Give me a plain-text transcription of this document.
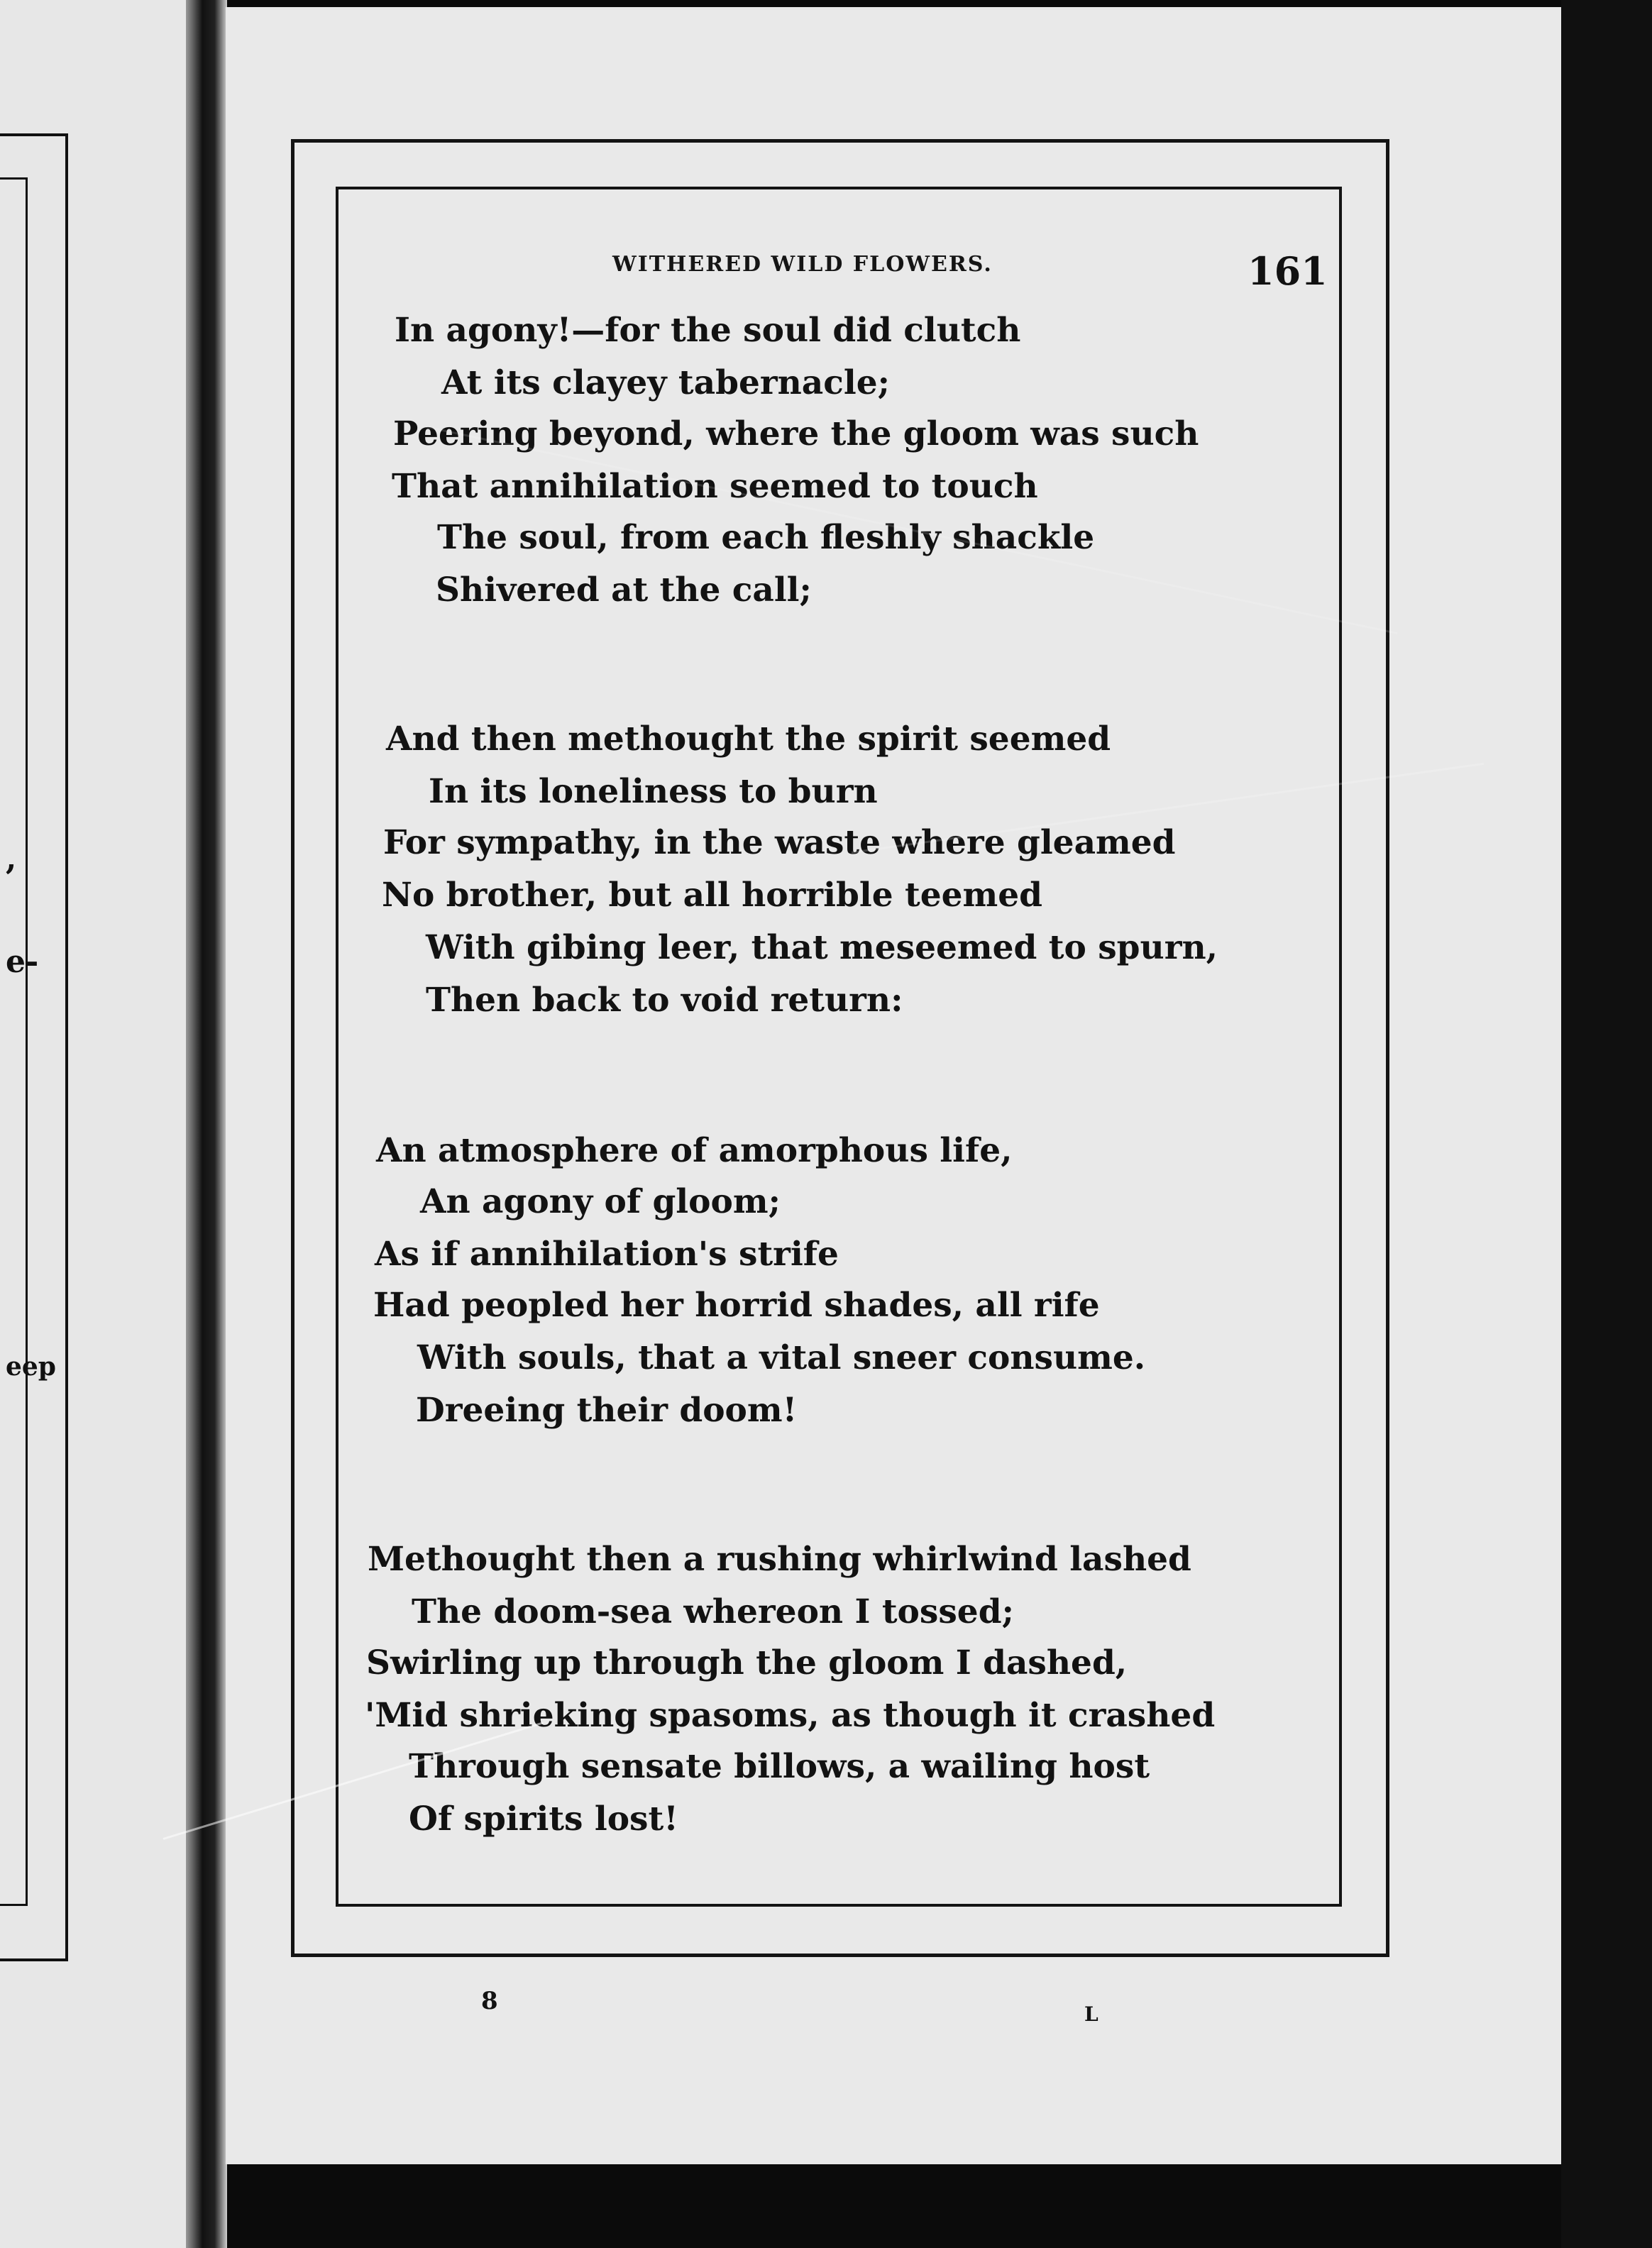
,
e-
eep
WITHERED WILD FLOWERS.	161
In agony!—for the soul did clutch
At its clayey tabernacle;
Peering beyond, where the gloom was such
That annihilation seemed to touch
The soul, from each fleshly shackle
Shivered at the call;
And then methought the spirit seemed
In its loneliness to burn
For sympathy, in the waste where gleamed
No brother, but all horrible teemed
With gibing leer, that meseemed to spurn,
Then back to void return:
An atmosphere of amorphous life,
An agony of gloom;
As if annihilation's strife
Had peopled her horrid shades, all rife
With souls, that a vital sneer consume.
Dreeing their doom!
Methought then a rushing whirlwind lashed
The doom-sea whereon I tossed;
Swirling up through the gloom I dashed,
'Mid shrieking spasoms, as though it crashed
Through sensate billows, a wailing host
Of spirits lost!
8	L
